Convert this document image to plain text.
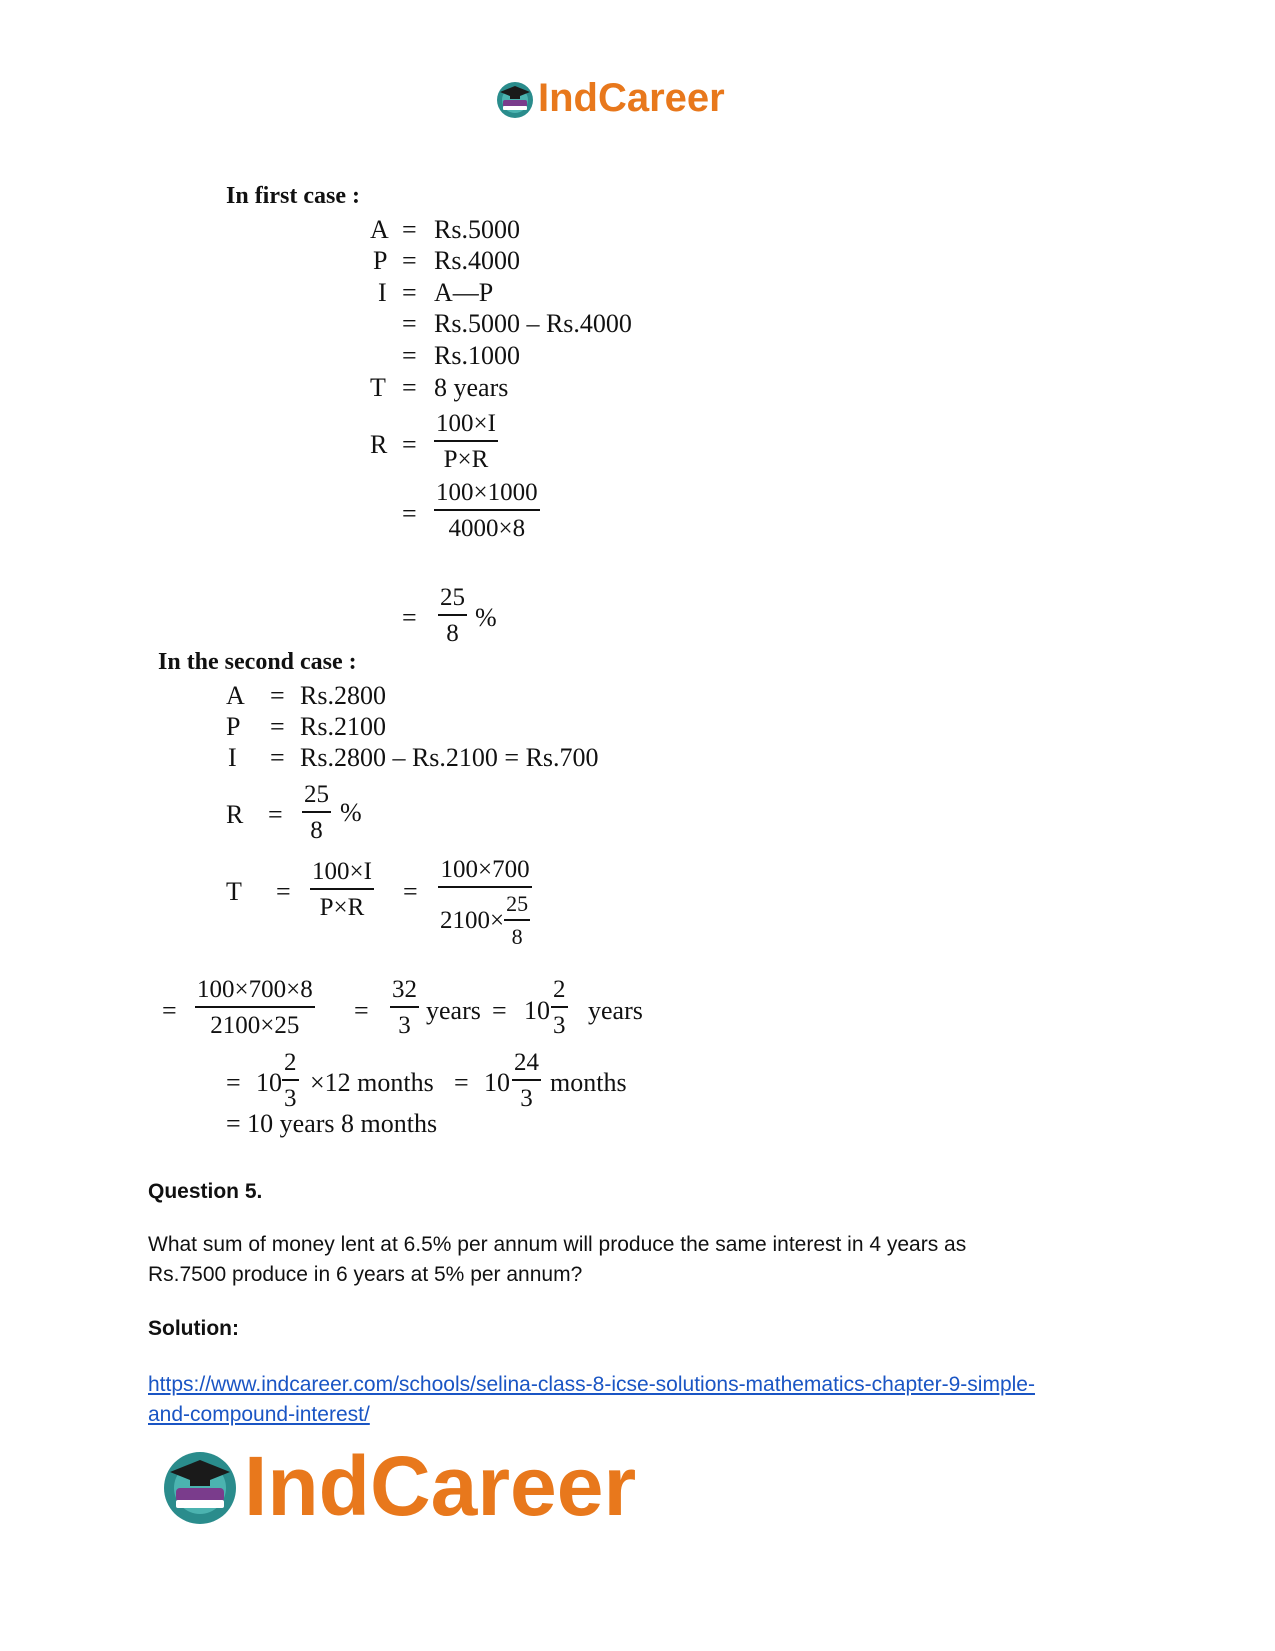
IndCareer
In first case :
A = Rs.5000
P = Rs.4000
I = A—P
= Rs.5000 – Rs.4000
= Rs.1000
T = 8 years
R =
100×I
P×R
=
100×1000
4000×8
=
25
8
%
In the second case :
A = Rs.2800
P = Rs.2100
I = Rs.2800 – Rs.2100 = Rs.700
R =
25
8
%
T =
100×I
P×R
=
100×700
$2100\times \frac{25}{8}$
=
100×700×8
2100×25
=
32
3
years = 10
2
3
years
= 10
2
3
×12 months = 10
24
3
months
= 10 years 8 months
Question 5.
What sum of money lent at 6.5% per annum will produce the same interest in 4 years as
Rs.7500 produce in 6 years at 5% per annum?
Solution:
https://www.indcareer.com/schools/selina-class-8-icse-solutions-mathematics-chapter-9-simple-
and-compound-interest/
IndCareer
